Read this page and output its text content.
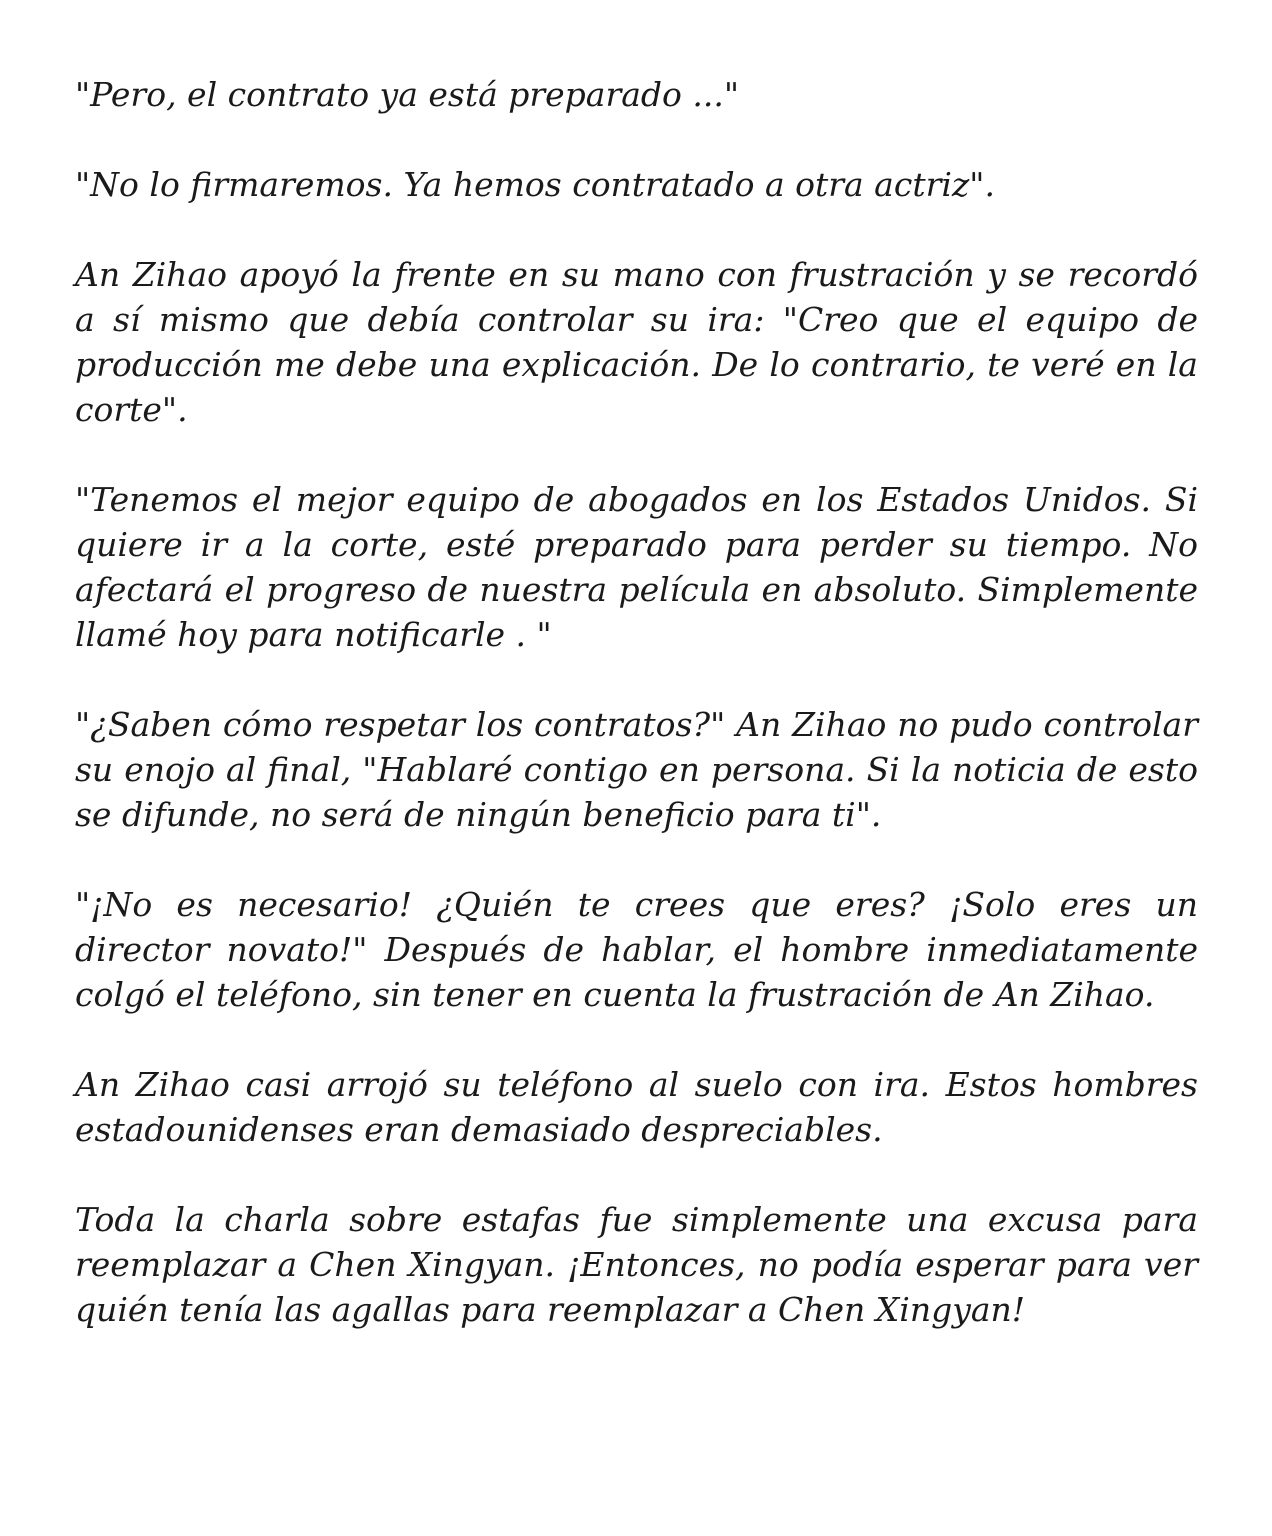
"Pero, el contrato ya está preparado ..."

"No lo firmaremos. Ya hemos contratado a otra actriz".

An Zihao apoyó la frente en su mano con frustración y se recordó a sí mismo que debía controlar su ira: "Creo que el equipo de producción me debe una explicación. De lo contrario, te veré en la corte".

"Tenemos el mejor equipo de abogados en los Estados Unidos. Si quiere ir a la corte, esté preparado para perder su tiempo. No afectará el progreso de nuestra película en absoluto. Simplemente llamé hoy para notificarle . "

"¿Saben cómo respetar los contratos?" An Zihao no pudo controlar su enojo al final, "Hablaré contigo en persona. Si la noticia de esto se difunde, no será de ningún beneficio para ti".

"¡No es necesario! ¿Quién te crees que eres? ¡Solo eres un director novato!" Después de hablar, el hombre inmediatamente colgó el teléfono, sin tener en cuenta la frustración de An Zihao.

An Zihao casi arrojó su teléfono al suelo con ira. Estos hombres estadounidenses eran demasiado despreciables.

Toda la charla sobre estafas fue simplemente una excusa para reemplazar a Chen Xingyan. ¡Entonces, no podía esperar para ver quién tenía las agallas para reemplazar a Chen Xingyan!
